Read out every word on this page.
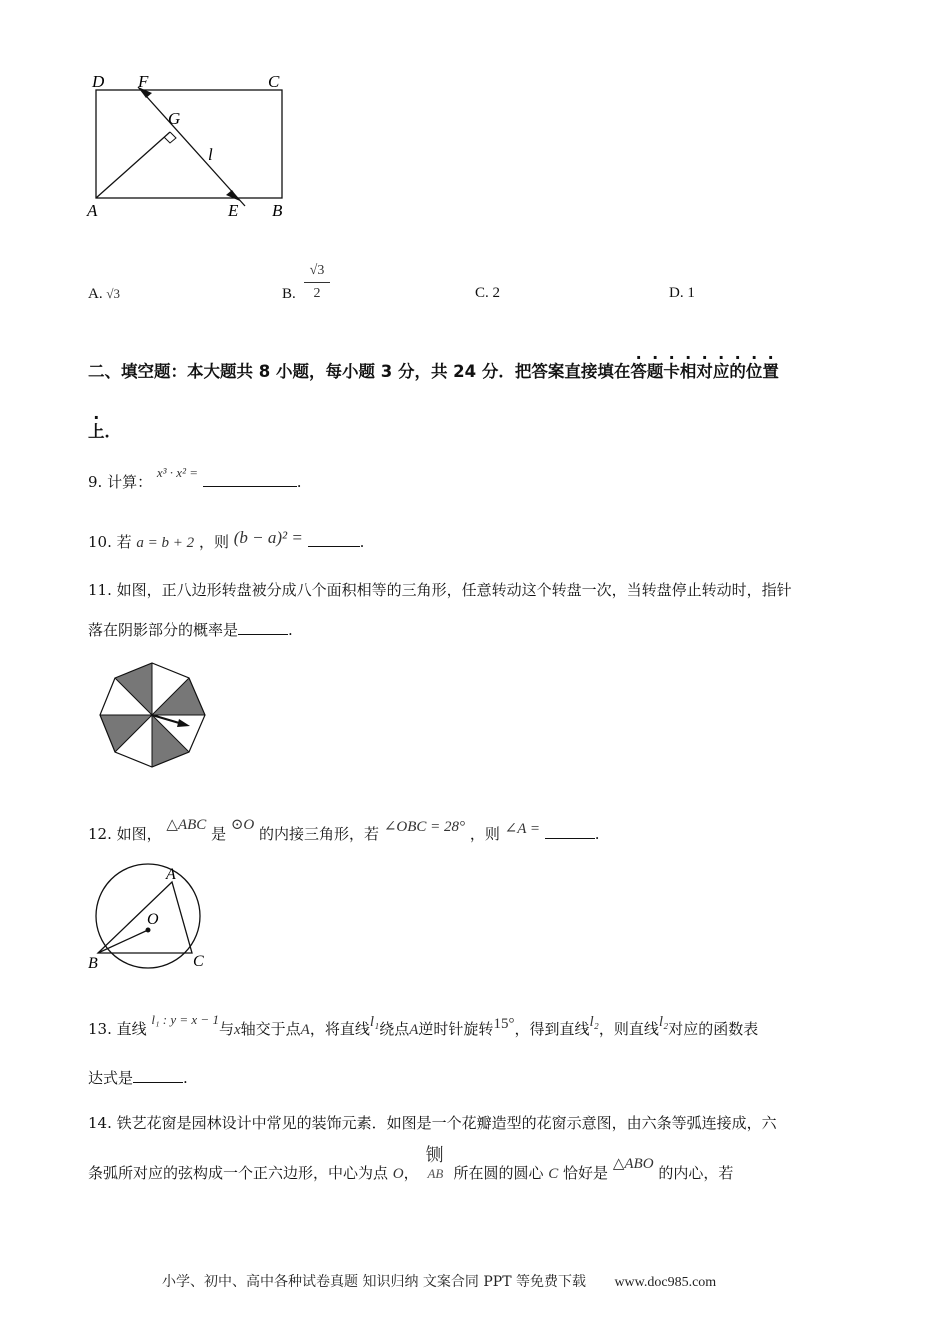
D F	C
G
l
A	E B
A. √3	B. $\frac{√3}{2}$	C. 2	D. 1
二、填空题：本大题共 8 小题，每小题 3 分，共 24 分．把答案直接填在答题卡相对应的位置
上．
9. 计算： x³ · x² = .
10. 若 a = b + 2 ，则 (b − a)² =	.
11. 如图，正八边形转盘被分成八个面积相等的三角形，任意转动这个转盘一次，当转盘停止转动时，指针
落在阴影部分的概率是	.
12. 如图， △ABC 是 ⊙O 的内接三角形，若 ∠OBC = 28° ，则 ∠A =	.
A
O
B	C
13. 直线 l₁ : y = x − 1与x轴交于点A，将直线l₁绕点A逆时针旋转15°，得到直线l₂，则直线l₂对应的函数表
达式是	.
14. 铁艺花窗是园林设计中常见的装饰元素．如图是一个花瓣造型的花窗示意图，由六条等弧连接成，六
条弧所对应的弦构成一个正六边形，中心为点 O，
铡
AB 所在圆的圆心 C 恰好是 △ABO 的内心，若
小学、初中、高中各种试卷真题 知识归纳 文案合同 PPT 等免费下载 www.doc985.com
